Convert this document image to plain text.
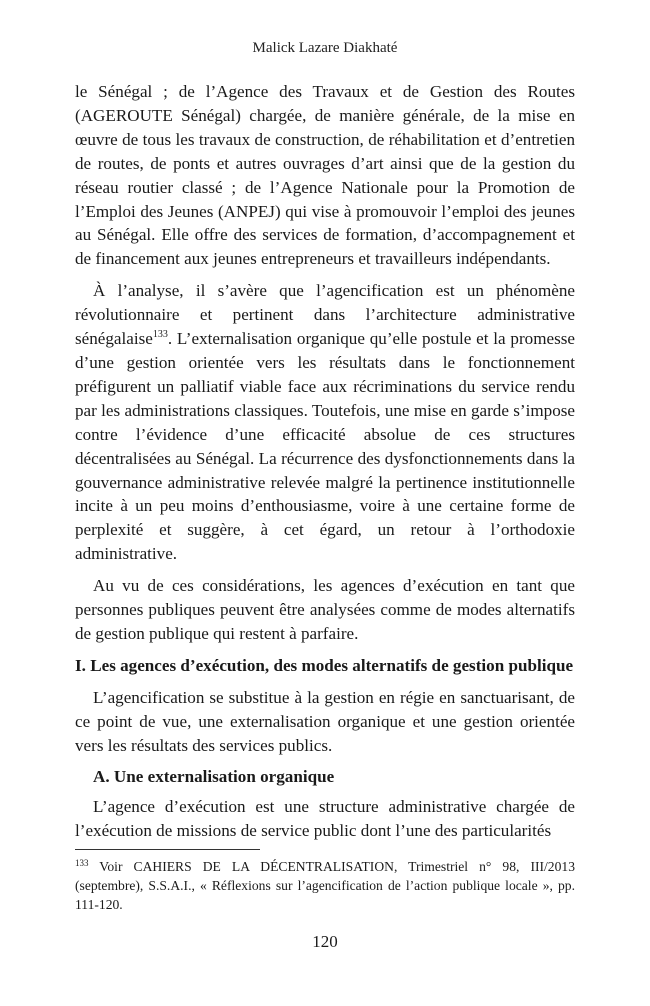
Malick Lazare Diakhaté

le Sénégal ; de l’Agence des Travaux et de Gestion des Routes (AGEROUTE Sénégal) chargée, de manière générale, de la mise en œuvre de tous les travaux de construction, de réhabilitation et d’entretien de routes, de ponts et autres ouvrages d’art ainsi que de la gestion du réseau routier classé ; de l’Agence Nationale pour la Promotion de l’Emploi des Jeunes (ANPEJ) qui vise à promouvoir l’emploi des jeunes au Sénégal. Elle offre des services de formation, d’accompagnement et de financement aux jeunes entrepreneurs et travailleurs indépendants.

À l’analyse, il s’avère que l’agencification est un phénomène révolutionnaire et pertinent dans l’architecture administrative sénégalaise$^{133}$. L’externalisation organique qu’elle postule et la promesse d’une gestion orientée vers les résultats dans le fonctionnement préfigurent un palliatif viable face aux récriminations du service rendu par les administrations classiques. Toutefois, une mise en garde s’impose contre l’évidence d’une efficacité absolue de ces structures décentralisées au Sénégal. La récurrence des dysfonctionnements dans la gouvernance administrative relevée malgré la pertinence institutionnelle incite à un peu moins d’enthousiasme, voire à une certaine forme de perplexité et suggère, à cet égard, un retour à l’orthodoxie administrative.

Au vu de ces considérations, les agences d’exécution en tant que personnes publiques peuvent être analysées comme de modes alternatifs de gestion publique qui restent à parfaire.

I. Les agences d’exécution, des modes alternatifs de gestion publique

L’agencification se substitue à la gestion en régie en sanctuarisant, de ce point de vue, une externalisation organique et une gestion orientée vers les résultats des services publics.

A. Une externalisation organique

L’agence d’exécution est une structure administrative chargée de l’exécution de missions de service public dont l’une des particularités

$^{133}$ Voir CAHIERS DE LA DÉCENTRALISATION, Trimestriel n° 98, III/2013 (septembre), S.S.A.I., « Réflexions sur l’agencification de l’action publique locale », pp. 111-120.
120
